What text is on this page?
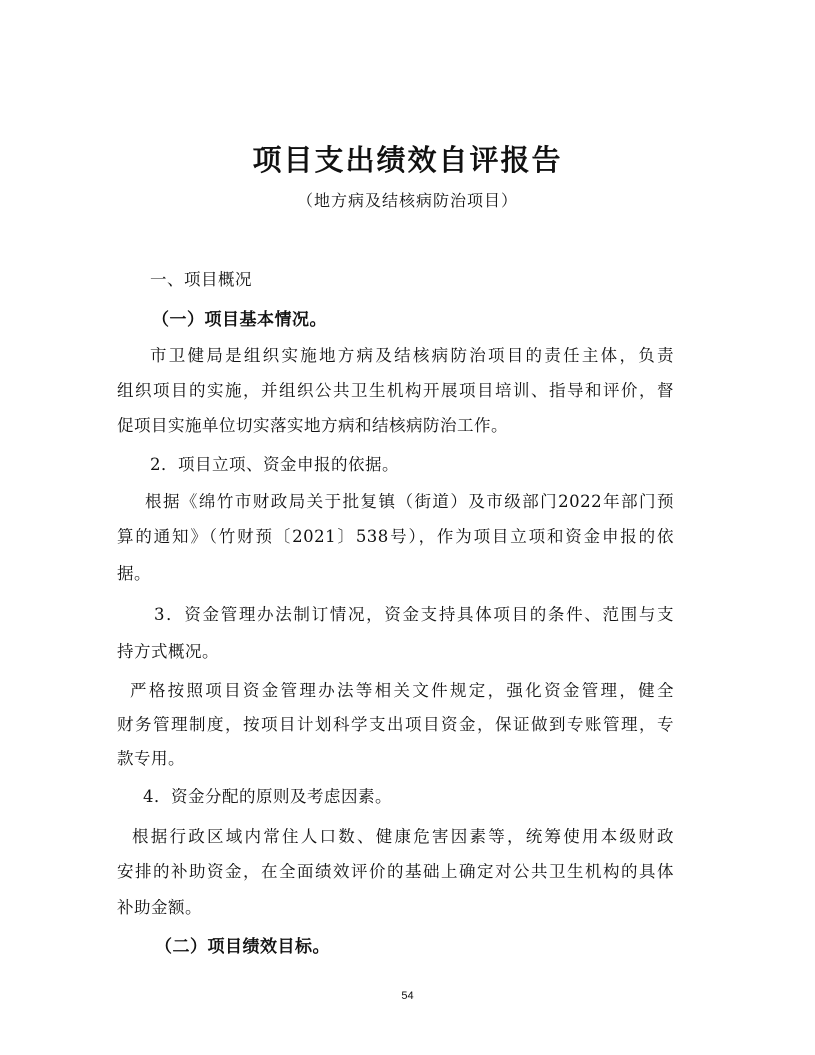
项目支出绩效自评报告
（地方病及结核病防治项目）
一、项目概况
（一）项目基本情况。
市卫健局是组织实施地方病及结核病防治项目的责任主体，负责
组织项目的实施，并组织公共卫生机构开展项目培训、指导和评价，督
促项目实施单位切实落实地方病和结核病防治工作。
2．项目立项、资金申报的依据。
根据《绵竹市财政局关于批复镇（街道）及市级部门2022年部门预
算的通知》（竹财预〔2021〕538号），作为项目立项和资金申报的依
据。
3．资金管理办法制订情况，资金支持具体项目的条件、范围与支
持方式概况。
严格按照项目资金管理办法等相关文件规定，强化资金管理，健全
财务管理制度，按项目计划科学支出项目资金，保证做到专账管理，专
款专用。
4．资金分配的原则及考虑因素。
根据行政区域内常住人口数、健康危害因素等，统筹使用本级财政
安排的补助资金，在全面绩效评价的基础上确定对公共卫生机构的具体
补助金额。
（二）项目绩效目标。
54
